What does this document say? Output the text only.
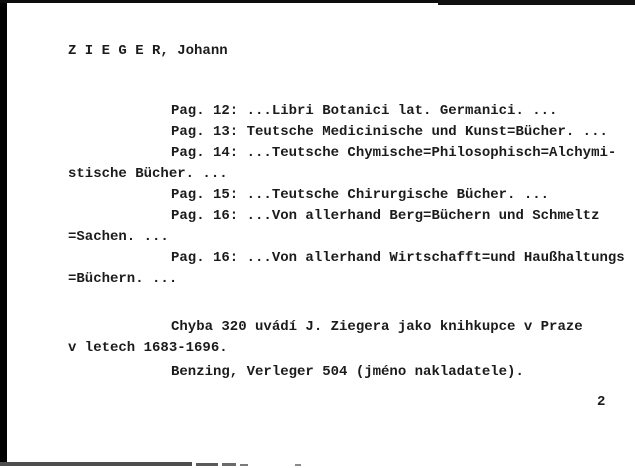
Z I E G E R, Johann
Pag. 12: ...Libri Botanici lat. Germanici. ...
Pag. 13: Teutsche Medicinische und Kunst=Bücher. ...
Pag. 14: ...Teutsche Chymische=Philosophisch=Alchymi-
stische Bücher. ...
Pag. 15: ...Teutsche Chirurgische Bücher. ...
Pag. 16: ...Von allerhand Berg=Büchern und Schmeltz
=Sachen. ...
Pag. 16: ...Von allerhand Wirtschafft=und Haußhaltungs
=Büchern. ...
Chyba 320 uvádí J. Ziegera jako knihkupce v Praze
v letech 1683-1696.
Benzing, Verleger 504 (jméno nakladatele).
2
